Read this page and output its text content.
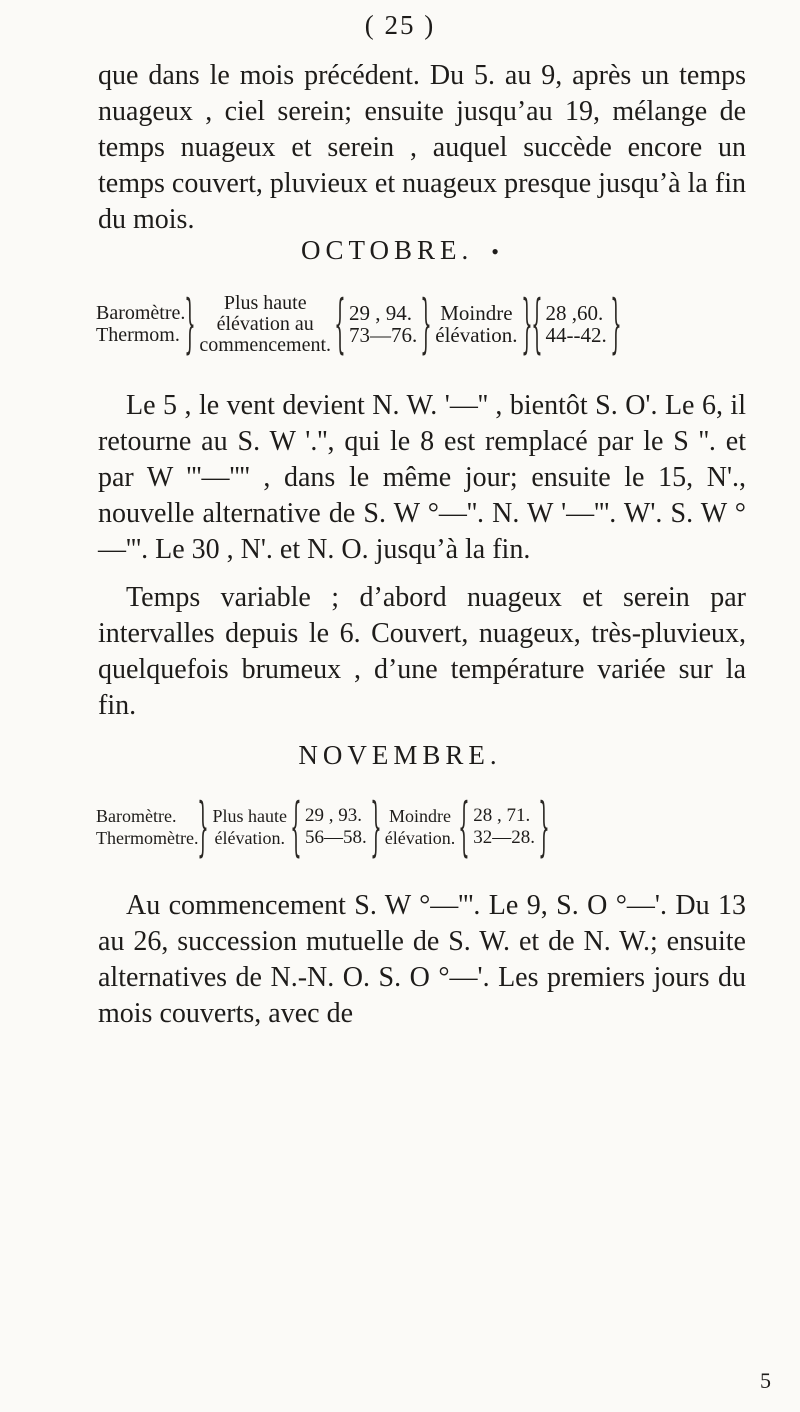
( 25 )

que dans le mois précédent. Du 5. au 9, après un temps nuageux , ciel serein; ensuite jusqu’au 19, mélange de temps nuageux et serein , auquel succède encore un temps couvert, pluvieux et nuageux presque jusqu’à la fin du mois.

OCTOBRE. •
Baromètre.
Thermom. }	Plus haute
élévation au
commencement. { 29 , 94.
73—76. } Moindre
élévation. }
{ 28 ,60.
44--42. }

Le 5 , le vent devient N. W. '—'' , bientôt S. O'. Le 6, il retourne au S. W '.'', qui le 8 est remplacé par le S ''. et par W '''—'''' , dans le même jour; ensuite le 15, N'., nouvelle alternative de S. W °—''. N. W '—'''. W'. S. W °—'''. Le 30 , N'. et N. O. jusqu’à la fin.

Temps variable ; d’abord nuageux et serein par intervalles depuis le 6. Couvert, nuageux, très-pluvieux, quelquefois brumeux , d’une température variée sur la fin.

NOVEMBRE.
Baromètre.
Thermomètre. } Plus haute
élévation. { 29 , 93.
56—58. } Moindre
élévation. { 28 , 71.
32—28. }

Au commencement S. W °—'''. Le 9, S. O °—'. Du 13 au 26, succession mutuelle de S. W. et de N. W.; ensuite alternatives de N.-N. O. S. O °—'. Les premiers jours du mois couverts, avec de

5
